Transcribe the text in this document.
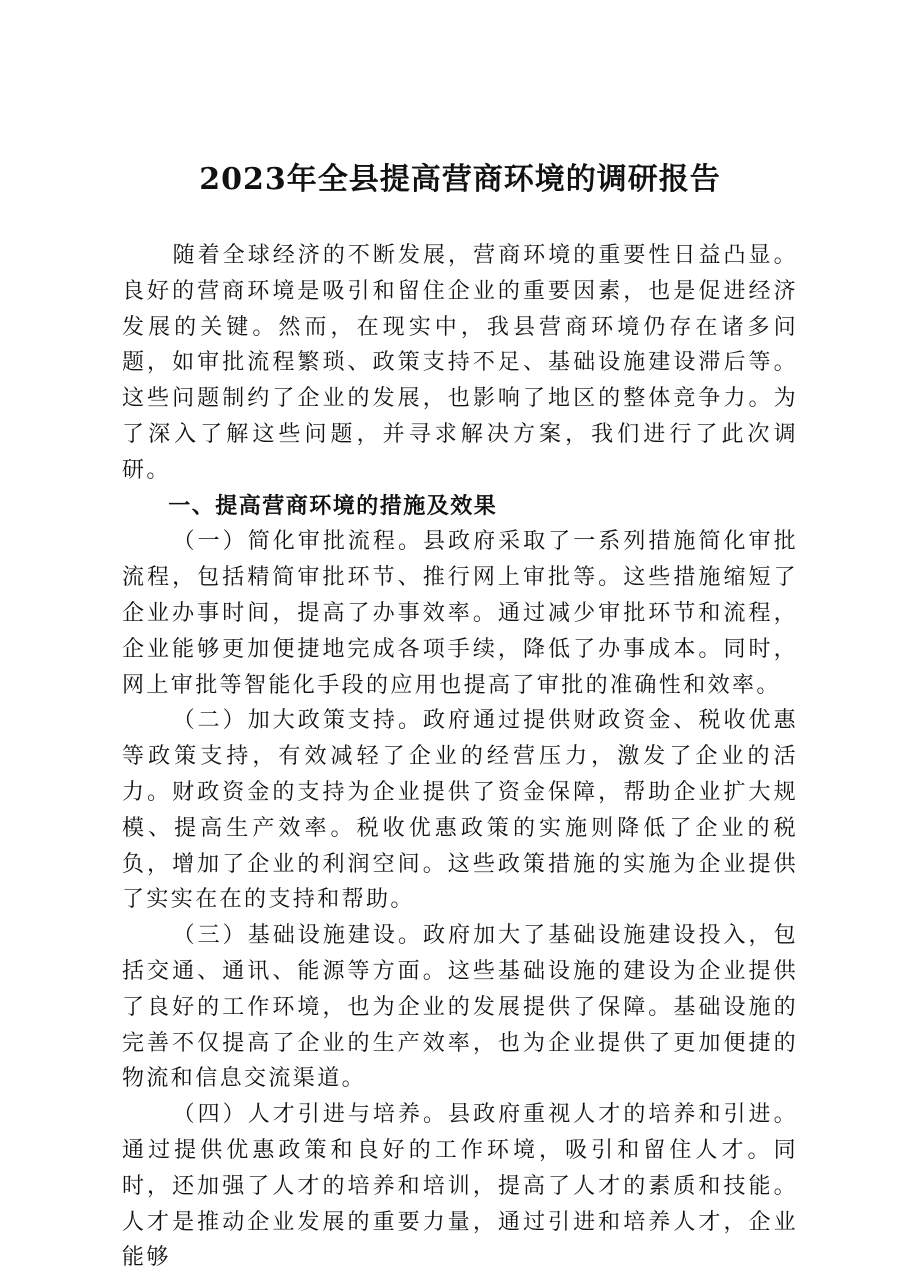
2023年全县提高营商环境的调研报告

随着全球经济的不断发展，营商环境的重要性日益凸显。良好的营商环境是吸引和留住企业的重要因素，也是促进经济发展的关键。然而，在现实中，我县营商环境仍存在诸多问题，如审批流程繁琐、政策支持不足、基础设施建设滞后等。这些问题制约了企业的发展，也影响了地区的整体竞争力。为了深入了解这些问题，并寻求解决方案，我们进行了此次调研。

一、提高营商环境的措施及效果

（一）简化审批流程。县政府采取了一系列措施简化审批流程，包括精简审批环节、推行网上审批等。这些措施缩短了企业办事时间，提高了办事效率。通过减少审批环节和流程，企业能够更加便捷地完成各项手续，降低了办事成本。同时，网上审批等智能化手段的应用也提高了审批的准确性和效率。

（二）加大政策支持。政府通过提供财政资金、税收优惠等政策支持，有效减轻了企业的经营压力，激发了企业的活力。财政资金的支持为企业提供了资金保障，帮助企业扩大规模、提高生产效率。税收优惠政策的实施则降低了企业的税负，增加了企业的利润空间。这些政策措施的实施为企业提供了实实在在的支持和帮助。

（三）基础设施建设。政府加大了基础设施建设投入，包括交通、通讯、能源等方面。这些基础设施的建设为企业提供了良好的工作环境，也为企业的发展提供了保障。基础设施的完善不仅提高了企业的生产效率，也为企业提供了更加便捷的物流和信息交流渠道。

（四）人才引进与培养。县政府重视人才的培养和引进。通过提供优惠政策和良好的工作环境，吸引和留住人才。同时，还加强了人才的培养和培训，提高了人才的素质和技能。人才是推动企业发展的重要力量，通过引进和培养人才，企业能够
